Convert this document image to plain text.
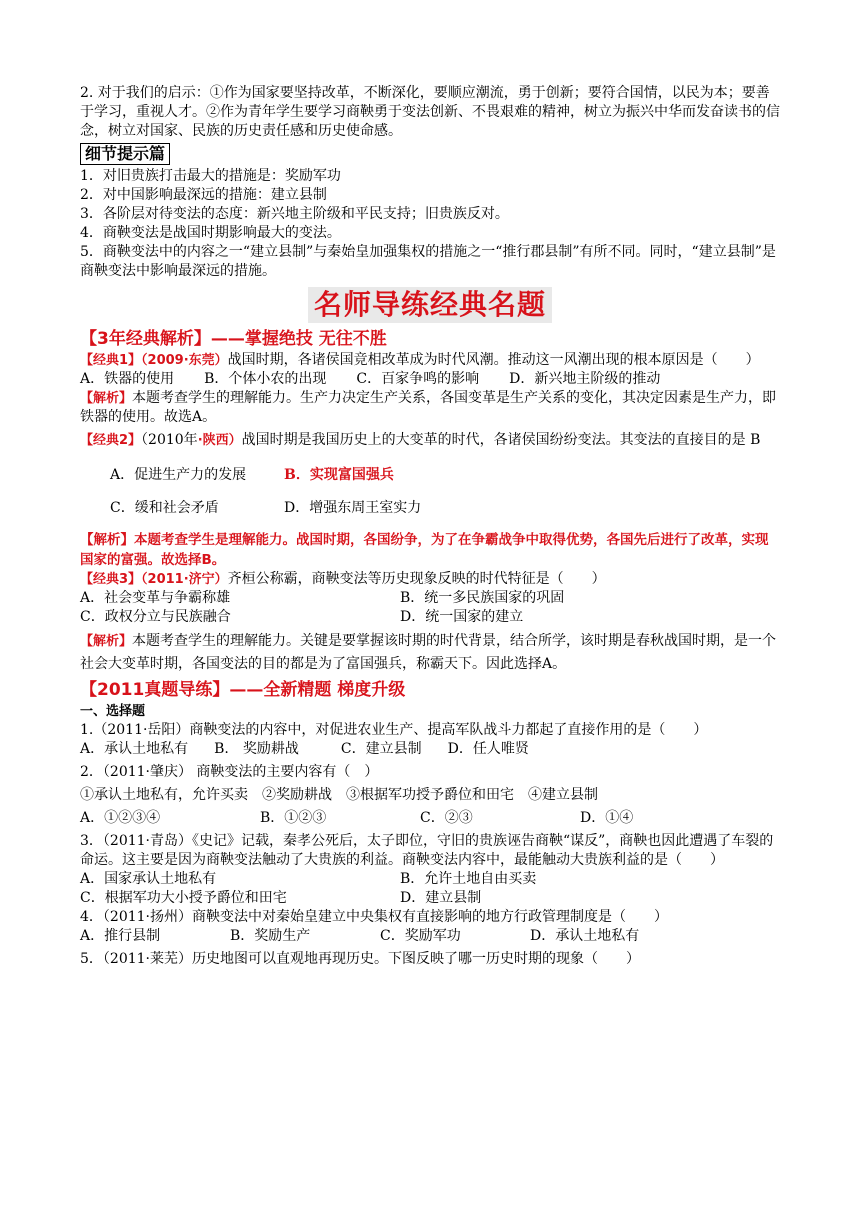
2. 对于我们的启示：①作为国家要坚持改革，不断深化，要顺应潮流，勇于创新；要符合国情，以民为本；要善于学习，重视人才。②作为青年学生要学习商鞅勇于变法创新、不畏艰难的精神，树立为振兴中华而发奋读书的信念，树立对国家、民族的历史责任感和历史使命感。

细节提示篇

1．对旧贵族打击最大的措施是：奖励军功

2．对中国影响最深远的措施：建立县制

3．各阶层对待变法的态度：新兴地主阶级和平民支持；旧贵族反对。

4．商鞅变法是战国时期影响最大的变法。

5．商鞅变法中的内容之一“建立县制”与秦始皇加强集权的措施之一“推行郡县制”有所不同。同时，“建立县制”是商鞅变法中影响最深远的措施。

名师导练经典名题
【3年经典解析】——掌握绝技 无往不胜

【经典1】（2009·东莞）战国时期，各诸侯国竞相改革成为时代风潮。推动这一风潮出现的根本原因是（　　）

A．铁器的使用 B．个体小农的出现 C．百家争鸣的影响 D．新兴地主阶级的推动

【解析】本题考查学生的理解能力。生产力决定生产关系，各国变革是生产关系的变化，其决定因素是生产力，即铁器的使用。故选A。

【经典2】（2010年·陕西）战国时期是我国历史上的大变革的时代，各诸侯国纷纷变法。其变法的直接目的是 B

A．促进生产力的发展	B．实现富国强兵
C．缓和社会矛盾	D．增强东周王室实力

【解析】本题考查学生是理解能力。战国时期，各国纷争，为了在争霸战争中取得优势，各国先后进行了改革，实现国家的富强。故选择B。

【经典3】（2011·济宁）齐桓公称霸，商鞅变法等历史现象反映的时代特征是（　　）

A．社会变革与争霸称雄	B．统一多民族国家的巩固
C．政权分立与民族融合	D．统一国家的建立

【解析】本题考查学生的理解能力。关键是要掌握该时期的时代背景，结合所学，该时期是春秋战国时期，是一个社会大变革时期，各国变法的目的都是为了富国强兵，称霸天下。因此选择A。

【2011真题导练】——全新精题 梯度升级

一、选择题

1.（2011·岳阳）商鞅变法的内容中，对促进农业生产、提高军队战斗力都起了直接作用的是（　　）

A．承认土地私有 B.　奖励耕战	C．建立县制 D．任人唯贤

2．（2011·肇庆） 商鞅变法的主要内容有（　）

①承认土地私有，允许买卖　②奖励耕战　③根据军功授予爵位和田宅　④建立县制

A．①②③④	B．①②③	C．②③	D．①④

3．（2011·青岛）《史记》记载，秦孝公死后，太子即位，守旧的贵族诬告商鞅“谋反”，商鞅也因此遭遇了车裂的命运。这主要是因为商鞅变法触动了大贵族的利益。商鞅变法内容中，最能触动大贵族利益的是（　　）

A．国家承认土地私有	B．允许土地自由买卖
C．根据军功大小授予爵位和田宅	D．建立县制

4．（2011·扬州）商鞅变法中对秦始皇建立中央集权有直接影响的地方行政管理制度是（　　）

A．推行县制	B．奖励生产	C．奖励军功	D．承认土地私有

5．（2011·莱芜）历史地图可以直观地再现历史。下图反映了哪一历史时期的现象（　　）
